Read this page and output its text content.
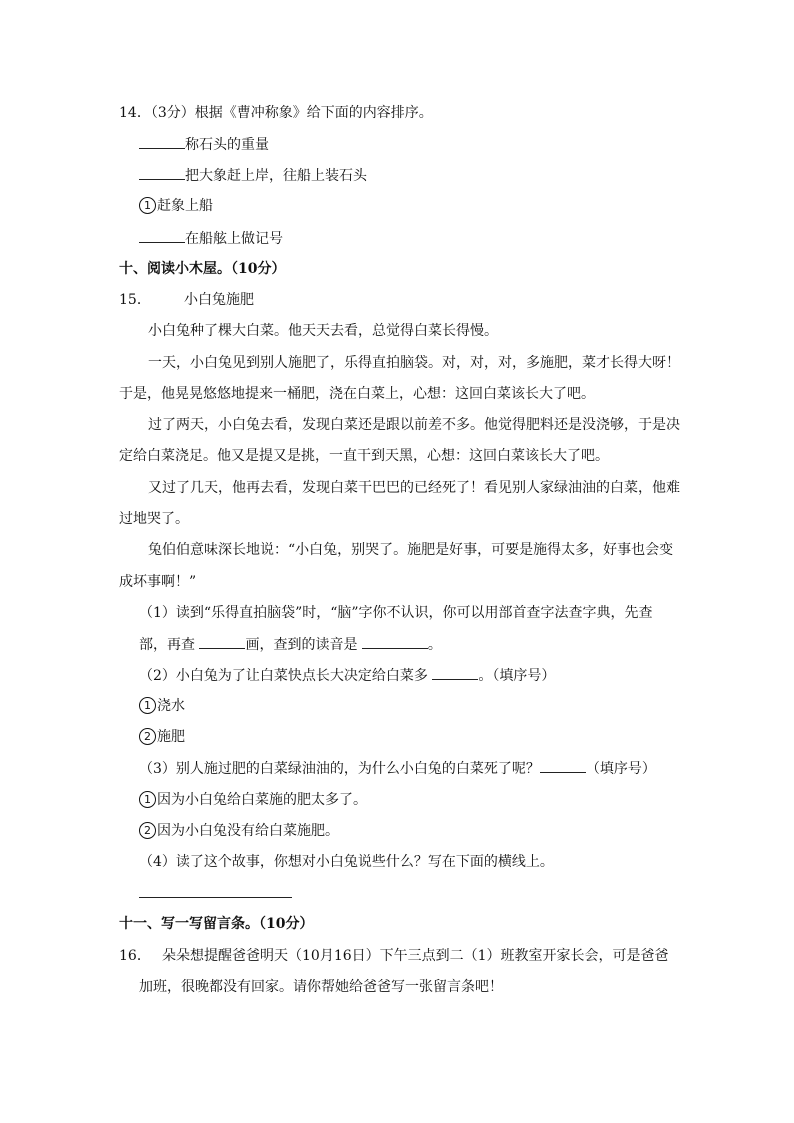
14．（3分）根据《曹冲称象》给下面的内容排序。
称石头的重量
把大象赶上岸，往船上装石头
1 赶象上船
在船舷上做记号
十、阅读小木屋。（10分）
15． 小白兔施肥
小白兔种了棵大白菜。他天天去看，总觉得白菜长得慢。
一天，小白兔见到别人施肥了，乐得直拍脑袋。对，对，对，多施肥，菜才长得大呀！
于是，他晃晃悠悠地提来一桶肥，浇在白菜上，心想：这回白菜该长大了吧。
过了两天，小白兔去看，发现白菜还是跟以前差不多。他觉得肥料还是没浇够，于是决
定给白菜浇足。他又是提又是挑，一直干到天黑，心想：这回白菜该长大了吧。
又过了几天，他再去看，发现白菜干巴巴的已经死了！看见别人家绿油油的白菜，他难
过地哭了。
兔伯伯意味深长地说：“小白兔，别哭了。施肥是好事，可要是施得太多，好事也会变
成坏事啊！”
（1）读到“乐得直拍脑袋”时，“脑”字你不认识，你可以用部首查字法查字典，先查
部，再查	画，查到的读音是	。
（2）小白兔为了让白菜快点长大决定给白菜多	。（填序号）
1 浇水
2 施肥
（3）别人施过肥的白菜绿油油的，为什么小白兔的白菜死了呢？	（填序号）
1 因为小白兔给白菜施的肥太多了。
2 因为小白兔没有给白菜施肥。
（4）读了这个故事，你想对小白兔说些什么？写在下面的横线上。
十一、写一写留言条。（10分）
16． 朵朵想提醒爸爸明天（10月16日）下午三点到二（1）班教室开家长会，可是爸爸
加班，很晚都没有回家。请你帮她给爸爸写一张留言条吧！
